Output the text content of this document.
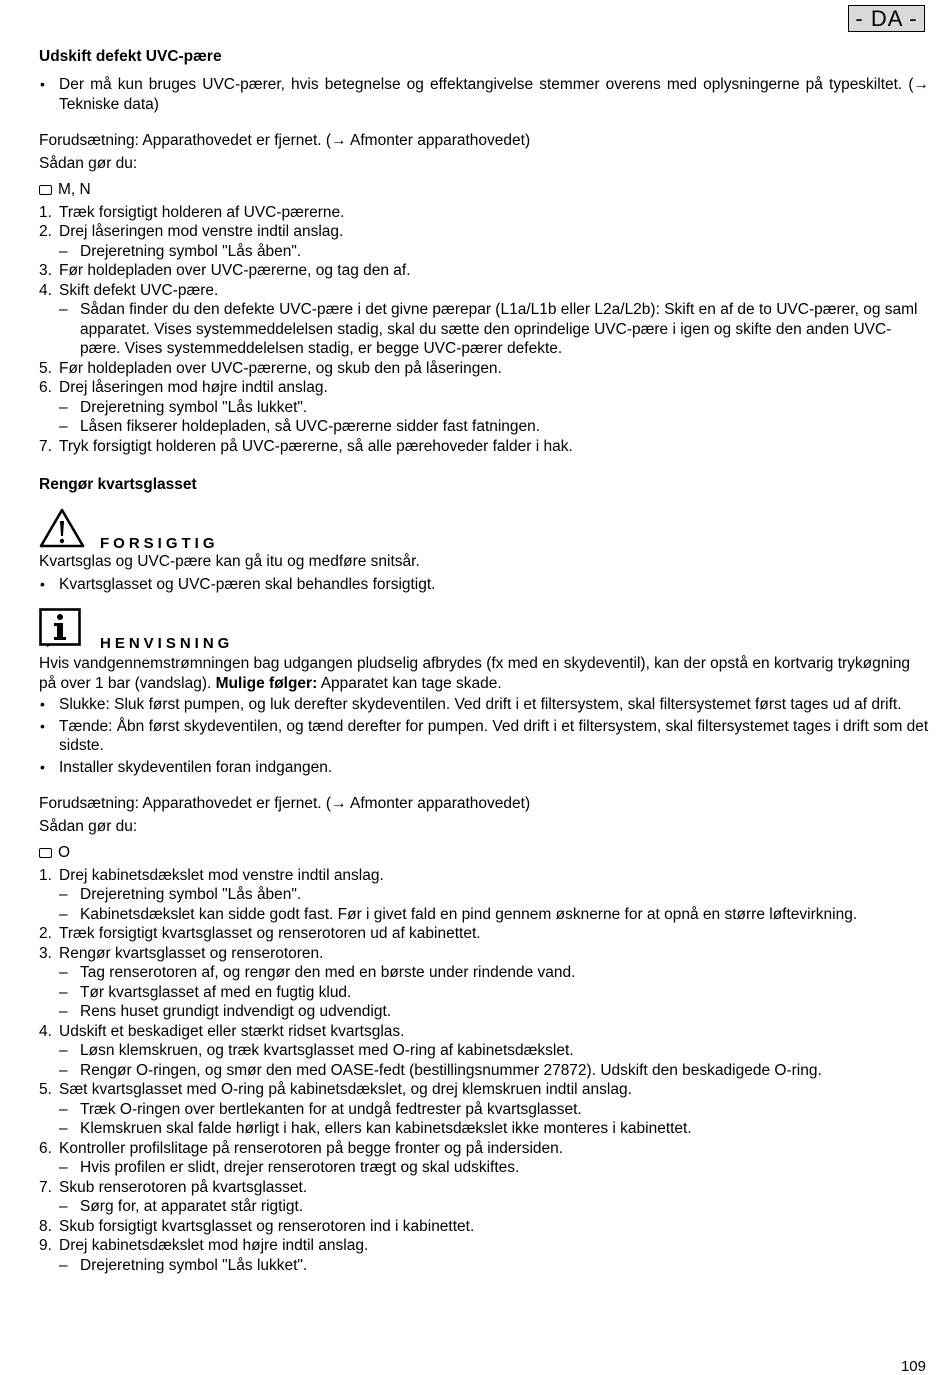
- DA -

Udskift defekt UVC-pære

• Der må kun bruges UVC-pærer, hvis betegnelse og effektangivelse stemmer overens med oplysningerne på typeskiltet. (→ Tekniske data)

Forudsætning: Apparathovedet er fjernet. (→ Afmonter apparathovedet)

Sådan gør du:

M, N
1. Træk forsigtigt holderen af UVC-pærerne.
2. Drej låseringen mod venstre indtil anslag.
– Drejeretning symbol "Lås åben".
3. Før holdepladen over UVC-pærerne, og tag den af.
4. Skift defekt UVC-pære.
– Sådan finder du den defekte UVC-pære i det givne pærepar (L1a/L1b eller L2a/L2b): Skift en af de to UVC-pærer, og saml apparatet. Vises systemmeddelelsen stadig, skal du sætte den oprindelige UVC-pære i igen og skifte den anden UVC-pære. Vises systemmeddelelsen stadig, er begge UVC-pærer defekte.
5. Før holdepladen over UVC-pærerne, og skub den på låseringen.
6. Drej låseringen mod højre indtil anslag.
– Drejeretning symbol "Lås lukket".
– Låsen fikserer holdepladen, så UVC-pærerne sidder fast fatningen.
7. Tryk forsigtigt holderen på UVC-pærerne, så alle pærehoveder falder i hak.

Rengør kvartsglasset

FORSIGTIG

Kvartsglas og UVC-pære kan gå itu og medføre snitsår.

• Kvartsglasset og UVC-pæren skal behandles forsigtigt.
HENVISNING

Hvis vandgennemstrømningen bag udgangen pludselig afbrydes (fx med en skydeventil), kan der opstå en kortvarig trykøgning på over 1 bar (vandslag). Mulige følger: Apparatet kan tage skade.

• Slukke: Sluk først pumpen, og luk derefter skydeventilen. Ved drift i et filtersystem, skal filtersystemet først tages ud af drift.
• Tænde: Åbn først skydeventilen, og tænd derefter for pumpen. Ved drift i et filtersystem, skal filtersystemet tages i drift som det sidste.
• Installer skydeventilen foran indgangen.

Forudsætning: Apparathovedet er fjernet. (→ Afmonter apparathovedet)

Sådan gør du:

O
1. Drej kabinetsdækslet mod venstre indtil anslag.
– Drejeretning symbol "Lås åben".
– Kabinetsdækslet kan sidde godt fast. Før i givet fald en pind gennem øsknerne for at opnå en større løftevirkning.
2. Træk forsigtigt kvartsglasset og renserotoren ud af kabinettet.
3. Rengør kvartsglasset og renserotoren.
– Tag renserotoren af, og rengør den med en børste under rindende vand.
– Tør kvartsglasset af med en fugtig klud.
– Rens huset grundigt indvendigt og udvendigt.
4. Udskift et beskadiget eller stærkt ridset kvartsglas.
– Løsn klemskruen, og træk kvartsglasset med O-ring af kabinetsdækslet.
– Rengør O-ringen, og smør den med OASE-fedt (bestillingsnummer 27872). Udskift den beskadigede O-ring.
5. Sæt kvartsglasset med O-ring på kabinetsdækslet, og drej klemskruen indtil anslag.
– Træk O-ringen over bertlekanten for at undgå fedtrester på kvartsglasset.
– Klemskruen skal falde hørligt i hak, ellers kan kabinetsdækslet ikke monteres i kabinettet.
6. Kontroller profilslitage på renserotoren på begge fronter og på indersiden.
– Hvis profilen er slidt, drejer renserotoren trægt og skal udskiftes.
7. Skub renserotoren på kvartsglasset.
– Sørg for, at apparatet står rigtigt.
8. Skub forsigtigt kvartsglasset og renserotoren ind i kabinettet.
9. Drej kabinetsdækslet mod højre indtil anslag.
– Drejeretning symbol "Lås lukket".
109
